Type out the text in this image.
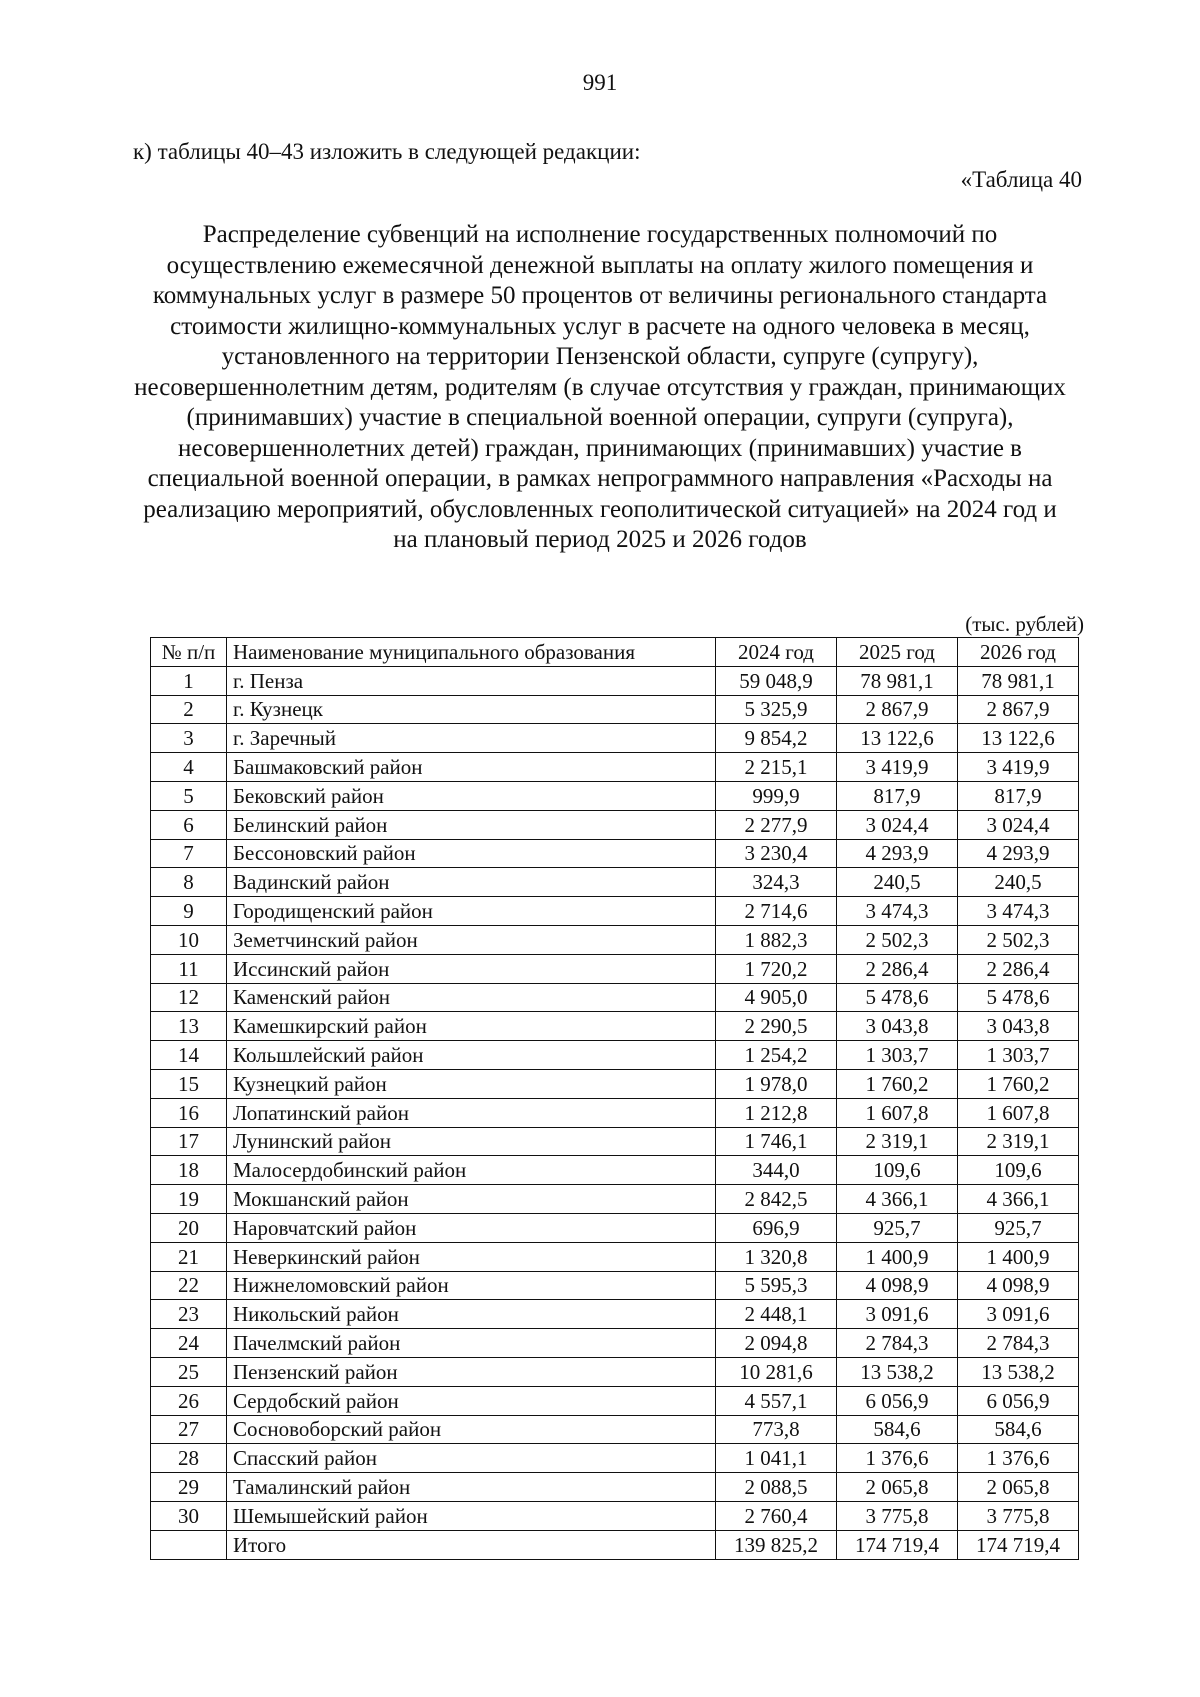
991
к) таблицы 40–43 изложить в следующей редакции:
«Таблица 40
Распределение субвенций на исполнение государственных полномочий по осуществлению ежемесячной денежной выплаты на оплату жилого помещения и коммунальных услуг в размере 50 процентов от величины регионального стандарта стоимости жилищно-коммунальных услуг в расчете на одного человека в месяц, установленного на территории Пензенской области, супруге (супругу), несовершеннолетним детям, родителям (в случае отсутствия у граждан, принимающих (принимавших) участие в специальной военной операции, супруги (супруга), несовершеннолетних детей) граждан, принимающих (принимавших) участие в специальной военной операции, в рамках непрограммного направления «Расходы на реализацию мероприятий, обусловленных геополитической ситуацией» на 2024 год и на плановый период 2025 и 2026 годов
(тыс. рублей)
№ п/п	Наименование муниципального образования	2024 год	2025 год	2026 год
1	г. Пенза	59 048,9	78 981,1	78 981,1
2	г. Кузнецк	5 325,9	2 867,9	2 867,9
3	г. Заречный	9 854,2	13 122,6	13 122,6
4	Башмаковский район	2 215,1	3 419,9	3 419,9
5	Бековский район	999,9	817,9	817,9
6	Белинский район	2 277,9	3 024,4	3 024,4
7	Бессоновский район	3 230,4	4 293,9	4 293,9
8	Вадинский район	324,3	240,5	240,5
9	Городищенский район	2 714,6	3 474,3	3 474,3
10	Земетчинский район	1 882,3	2 502,3	2 502,3
11	Иссинский район	1 720,2	2 286,4	2 286,4
12	Каменский район	4 905,0	5 478,6	5 478,6
13	Камешкирский район	2 290,5	3 043,8	3 043,8
14	Кольшлейский район	1 254,2	1 303,7	1 303,7
15	Кузнецкий район	1 978,0	1 760,2	1 760,2
16	Лопатинский район	1 212,8	1 607,8	1 607,8
17	Лунинский район	1 746,1	2 319,1	2 319,1
18	Малосердобинский район	344,0	109,6	109,6
19	Мокшанский район	2 842,5	4 366,1	4 366,1
20	Наровчатский район	696,9	925,7	925,7
21	Неверкинский район	1 320,8	1 400,9	1 400,9
22	Нижнеломовский район	5 595,3	4 098,9	4 098,9
23	Никольский район	2 448,1	3 091,6	3 091,6
24	Пачелмский район	2 094,8	2 784,3	2 784,3
25	Пензенский район	10 281,6	13 538,2	13 538,2
26	Сердобский район	4 557,1	6 056,9	6 056,9
27	Сосновоборский район	773,8	584,6	584,6
28	Спасский район	1 041,1	1 376,6	1 376,6
29	Тамалинский район	2 088,5	2 065,8	2 065,8
30	Шемышейский район	2 760,4	3 775,8	3 775,8
	Итого	139 825,2	174 719,4	174 719,4
